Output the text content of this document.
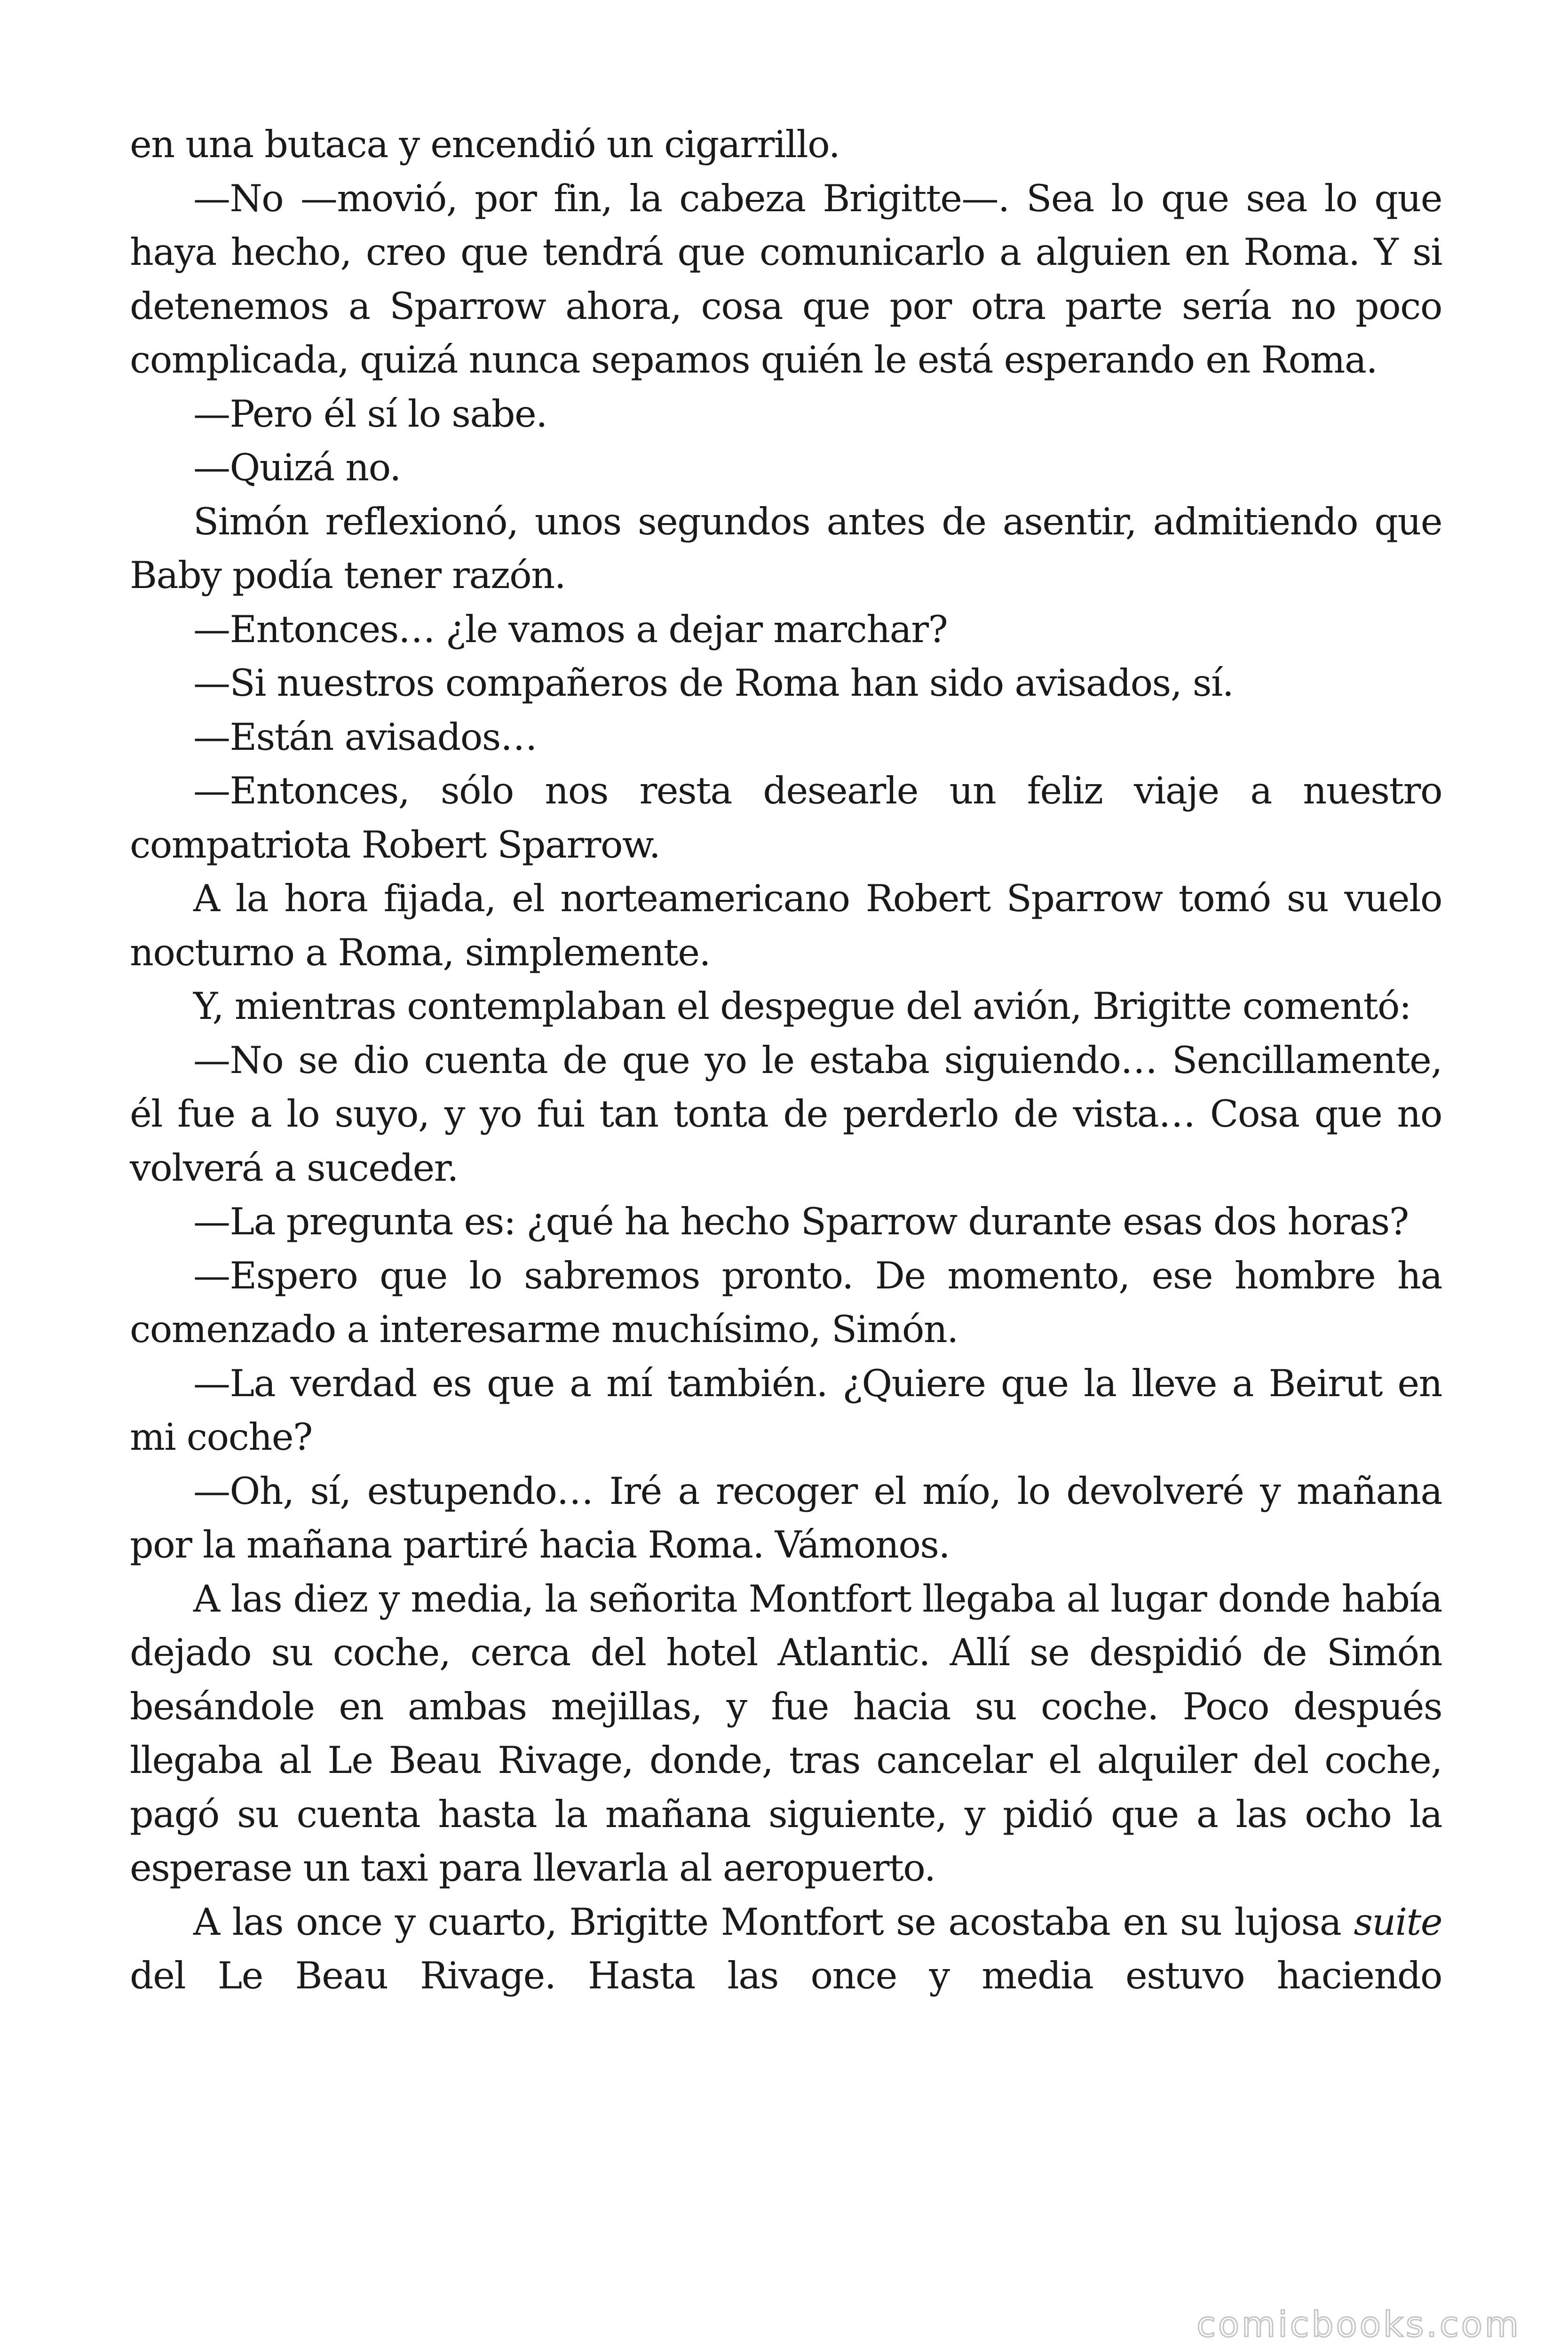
en una butaca y encendió un cigarrillo.

—No —movió, por fin, la cabeza Brigitte—. Sea lo que sea lo que haya hecho, creo que tendrá que comunicarlo a alguien en Roma. Y si detenemos a Sparrow ahora, cosa que por otra parte sería no poco complicada, quizá nunca sepamos quién le está esperando en Roma.

—Pero él sí lo sabe.

—Quizá no.

Simón reflexionó, unos segundos antes de asentir, admitiendo que Baby podía tener razón.

—Entonces… ¿le vamos a dejar marchar?

—Si nuestros compañeros de Roma han sido avisados, sí.

—Están avisados…

—Entonces, sólo nos resta desearle un feliz viaje a nuestro compatriota Robert Sparrow.

A la hora fijada, el norteamericano Robert Sparrow tomó su vuelo nocturno a Roma, simplemente.

Y, mientras contemplaban el despegue del avión, Brigitte comentó:

—No se dio cuenta de que yo le estaba siguiendo… Sencillamente, él fue a lo suyo, y yo fui tan tonta de perderlo de vista… Cosa que no volverá a suceder.

—La pregunta es: ¿qué ha hecho Sparrow durante esas dos horas?

—Espero que lo sabremos pronto. De momento, ese hombre ha comenzado a interesarme muchísimo, Simón.

—La verdad es que a mí también. ¿Quiere que la lleve a Beirut en mi coche?

—Oh, sí, estupendo… Iré a recoger el mío, lo devolveré y mañana por la mañana partiré hacia Roma. Vámonos.

A las diez y media, la señorita Montfort llegaba al lugar donde había dejado su coche, cerca del hotel Atlantic. Allí se despidió de Simón besándole en ambas mejillas, y fue hacia su coche. Poco después llegaba al Le Beau Rivage, donde, tras cancelar el alquiler del coche, pagó su cuenta hasta la mañana siguiente, y pidió que a las ocho la esperase un taxi para llevarla al aeropuerto.

A las once y cuarto, Brigitte Montfort se acostaba en su lujosa suite del Le Beau Rivage. Hasta las once y media estuvo haciendo

comicbooks.com
